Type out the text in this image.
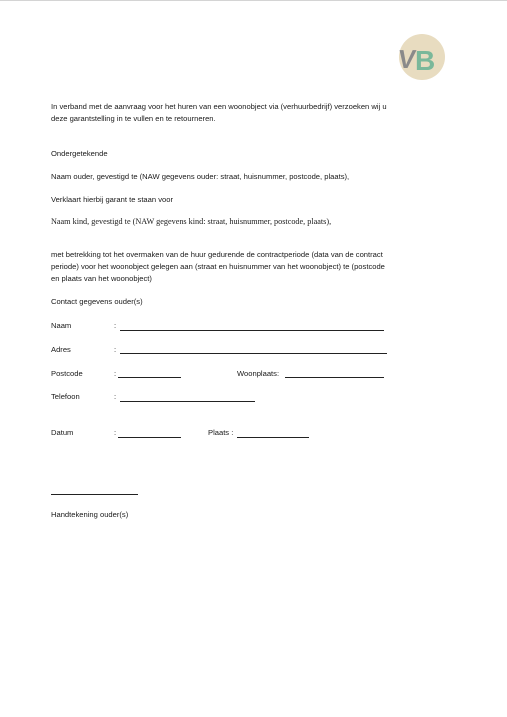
V
B
In verband met de aanvraag voor het huren van een woonobject via (verhuurbedrijf) verzoeken wij u
deze garantstelling in te vullen en te retourneren.
Ondergetekende
Naam ouder, gevestigd te (NAW gegevens ouder: straat, huisnummer, postcode, plaats),
Verklaart hierbij garant te staan voor
Naam kind, gevestigd te (NAW gegevens kind: straat, huisnummer, postcode, plaats),
met betrekking tot het overmaken van de huur gedurende de contractperiode (data van de contract
periode) voor het woonobject gelegen aan (straat en huisnummer van het woonobject) te (postcode
en plaats van het woonobject)
Contact gegevens ouder(s)
Naam	:
Adres	:
Postcode	:	Woonplaats:
Telefoon	:
Datum	:	Plaats :
Handtekening ouder(s)
